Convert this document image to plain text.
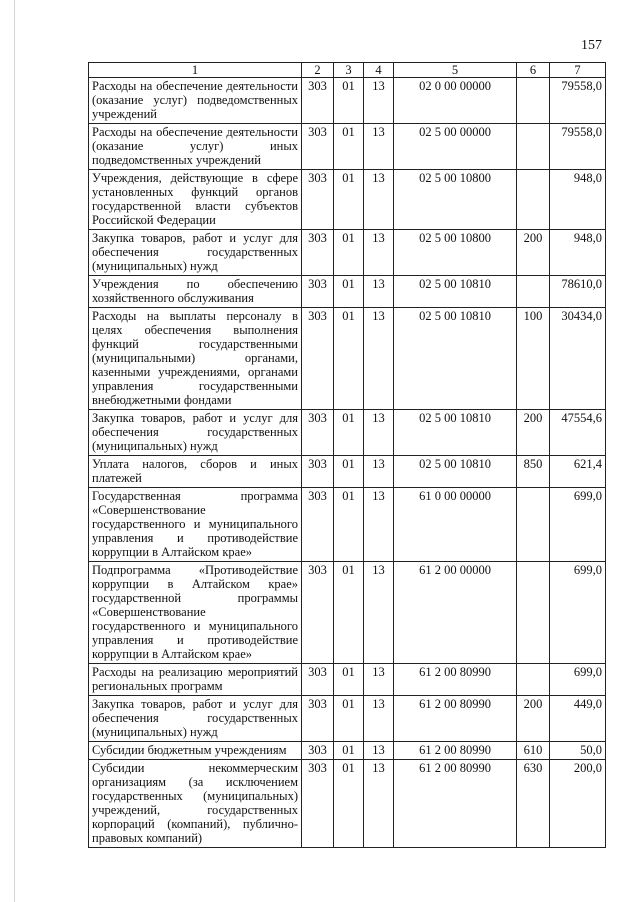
157
1	2	3	4	5	6	7
Расходы на обеспечение деятельности (оказание услуг) подведомственных учреждений	303	01	13	02 0 00 00000		79558,0
Расходы на обеспечение деятельности (оказание услуг) иных подведомственных учреждений	303	01	13	02 5 00 00000		79558,0
Учреждения, действующие в сфере установленных функций органов государственной власти субъектов Российской Федерации	303	01	13	02 5 00 10800		948,0
Закупка товаров, работ и услуг для обеспечения государственных (муниципальных) нужд	303	01	13	02 5 00 10800	200	948,0
Учреждения по обеспечению хозяйственного обслуживания	303	01	13	02 5 00 10810		78610,0
Расходы на выплаты персоналу в целях обеспечения выполнения функций государственными (муниципальными) органами, казенными учреждениями, органами управления государственными внебюджетными фондами	303	01	13	02 5 00 10810	100	30434,0
Закупка товаров, работ и услуг для обеспечения государственных (муниципальных) нужд	303	01	13	02 5 00 10810	200	47554,6
Уплата налогов, сборов и иных платежей	303	01	13	02 5 00 10810	850	621,4
Государственная программа «Совершенствование государственного и муниципального управления и противодействие коррупции в Алтайском крае»	303	01	13	61 0 00 00000		699,0
Подпрограмма «Противодействие коррупции в Алтайском крае» государственной программы «Совершенствование государственного и муниципального управления и противодействие коррупции в Алтайском крае»	303	01	13	61 2 00 00000		699,0
Расходы на реализацию мероприятий региональных программ	303	01	13	61 2 00 80990		699,0
Закупка товаров, работ и услуг для обеспечения государственных (муниципальных) нужд	303	01	13	61 2 00 80990	200	449,0
Субсидии бюджетным учреждениям	303	01	13	61 2 00 80990	610	50,0
Субсидии некоммерческим организациям (за исключением государственных (муниципальных) учреждений, государственных корпораций (компаний), публично-правовых компаний)	303	01	13	61 2 00 80990	630	200,0
